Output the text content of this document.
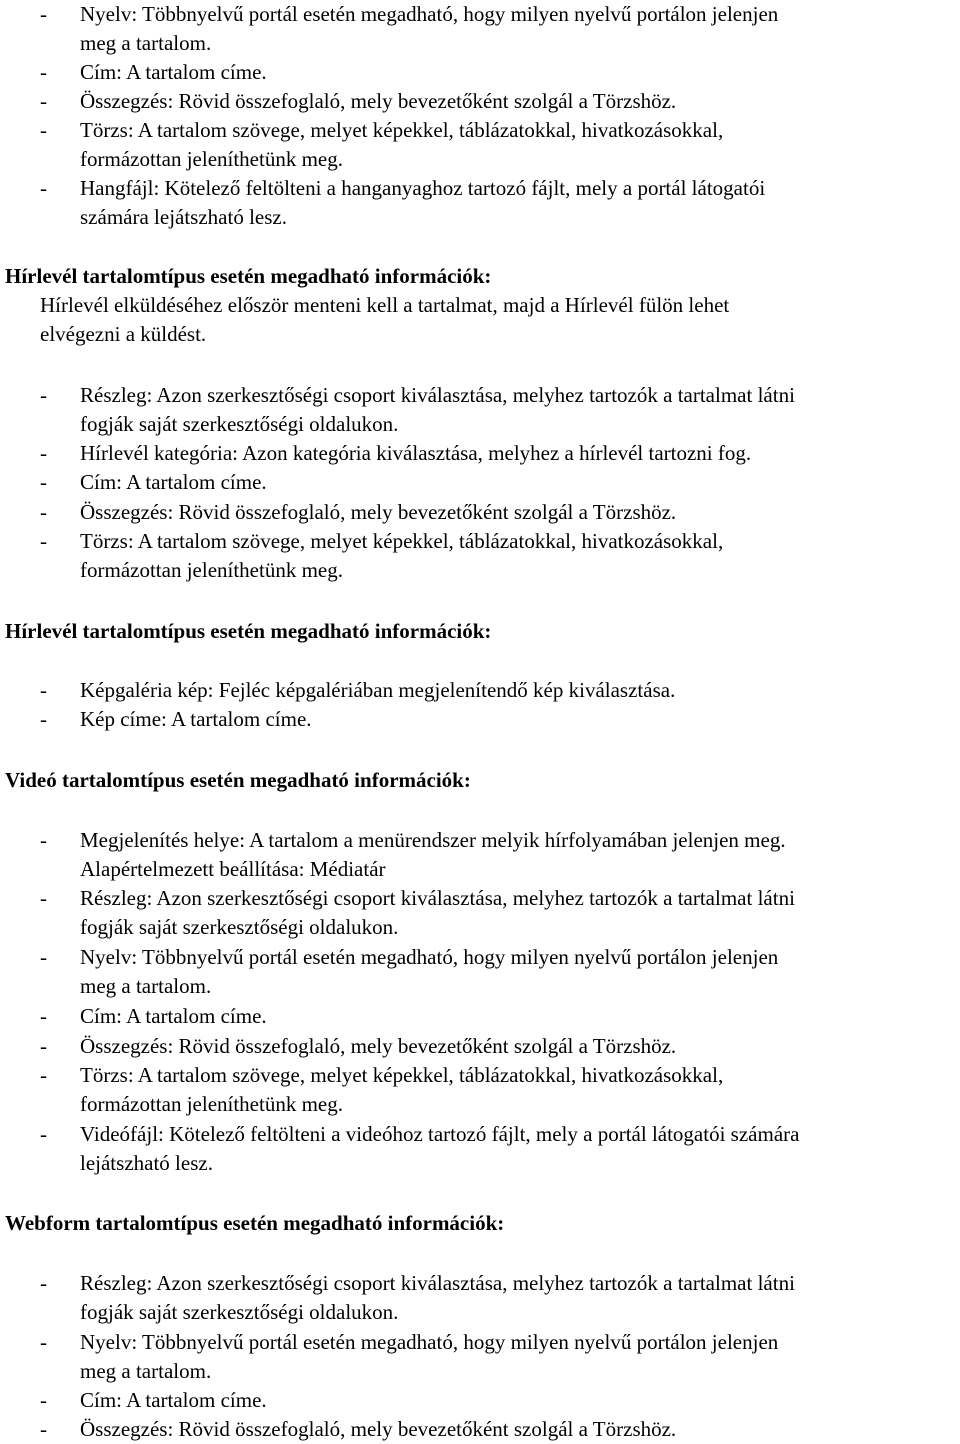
- Nyelv: Többnyelvű portál esetén megadható, hogy milyen nyelvű portálon jelenjen
meg a tartalom.
- Cím: A tartalom címe.
- Összegzés: Rövid összefoglaló, mely bevezetőként szolgál a Törzshöz.
- Törzs: A tartalom szövege, melyet képekkel, táblázatokkal, hivatkozásokkal,
formázottan jeleníthetünk meg.
- Hangfájl: Kötelező feltölteni a hanganyaghoz tartozó fájlt, mely a portál látogatói
számára lejátszható lesz.
Hírlevél tartalomtípus esetén megadható információk:
Hírlevél elküldéséhez először menteni kell a tartalmat, majd a Hírlevél fülön lehet
elvégezni a küldést.
- Részleg: Azon szerkesztőségi csoport kiválasztása, melyhez tartozók a tartalmat látni
fogják saját szerkesztőségi oldalukon.
- Hírlevél kategória: Azon kategória kiválasztása, melyhez a hírlevél tartozni fog.
- Cím: A tartalom címe.
- Összegzés: Rövid összefoglaló, mely bevezetőként szolgál a Törzshöz.
- Törzs: A tartalom szövege, melyet képekkel, táblázatokkal, hivatkozásokkal,
formázottan jeleníthetünk meg.
Hírlevél tartalomtípus esetén megadható információk:
- Képgaléria kép: Fejléc képgalériában megjelenítendő kép kiválasztása.
- Kép címe: A tartalom címe.
Videó tartalomtípus esetén megadható információk:
- Megjelenítés helye: A tartalom a menürendszer melyik hírfolyamában jelenjen meg.
Alapértelmezett beállítása: Médiatár
- Részleg: Azon szerkesztőségi csoport kiválasztása, melyhez tartozók a tartalmat látni
fogják saját szerkesztőségi oldalukon.
- Nyelv: Többnyelvű portál esetén megadható, hogy milyen nyelvű portálon jelenjen
meg a tartalom.
- Cím: A tartalom címe.
- Összegzés: Rövid összefoglaló, mely bevezetőként szolgál a Törzshöz.
- Törzs: A tartalom szövege, melyet képekkel, táblázatokkal, hivatkozásokkal,
formázottan jeleníthetünk meg.
- Videófájl: Kötelező feltölteni a videóhoz tartozó fájlt, mely a portál látogatói számára
lejátszható lesz.
Webform tartalomtípus esetén megadható információk:
- Részleg: Azon szerkesztőségi csoport kiválasztása, melyhez tartozók a tartalmat látni
fogják saját szerkesztőségi oldalukon.
- Nyelv: Többnyelvű portál esetén megadható, hogy milyen nyelvű portálon jelenjen
meg a tartalom.
- Cím: A tartalom címe.
- Összegzés: Rövid összefoglaló, mely bevezetőként szolgál a Törzshöz.
